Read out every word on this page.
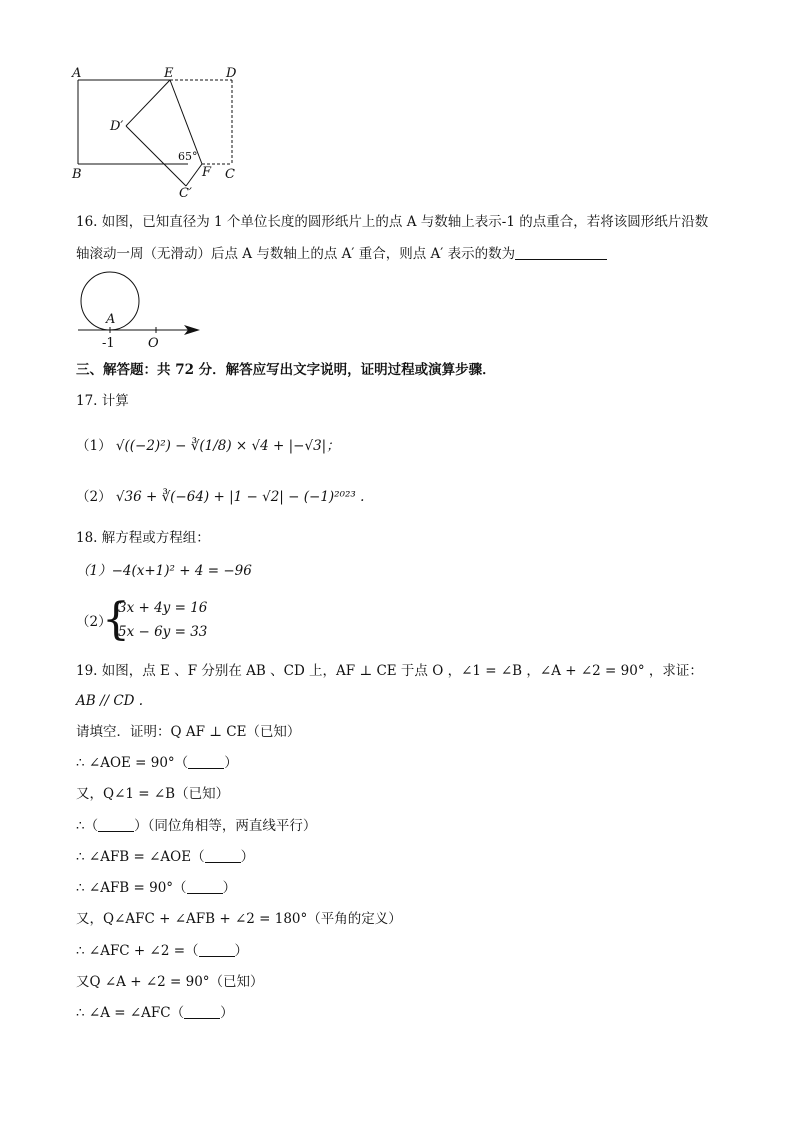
A	E	D
D′
B	F C
C′
65°
16. 如图，已知直径为 1 个单位长度的圆形纸片上的点 A 与数轴上表示-1 的点重合，若将该圆形纸片沿数
轴滚动一周（无滑动）后点 A 与数轴上的点 A′ 重合，则点 A′ 表示的数为
A
-1	O
三、解答题：共 72 分．解答应写出文字说明，证明过程或演算步骤．
17. 计算
（1） √((−2)²) − ∛(1/8) × √4 + |−√3|；
（2） √36 + ∛(−64) + |1 − √2| − (−1)²⁰²³ .
18. 解方程或方程组：
（1）−4(x+1)² + 4 = −96
（2）
{
3x + 4y = 16
5x − 6y = 33
19. 如图，点 E 、F 分别在 AB 、CD 上，AF ⊥ CE 于点 O ，∠1 = ∠B ，∠A + ∠2 = 90° ，求证：
AB // CD .
请填空．证明：Q AF ⊥ CE（已知）
∴ ∠AOE = 90°（	）
又，Q∠1 = ∠B（已知）
∴（	）（同位角相等，两直线平行）
∴ ∠AFB = ∠AOE（	）
∴ ∠AFB = 90°（	）
又，Q∠AFC + ∠AFB + ∠2 = 180°（平角的定义）
∴ ∠AFC + ∠2 =（	）
又Q ∠A + ∠2 = 90°（已知）
∴ ∠A = ∠AFC（	）
